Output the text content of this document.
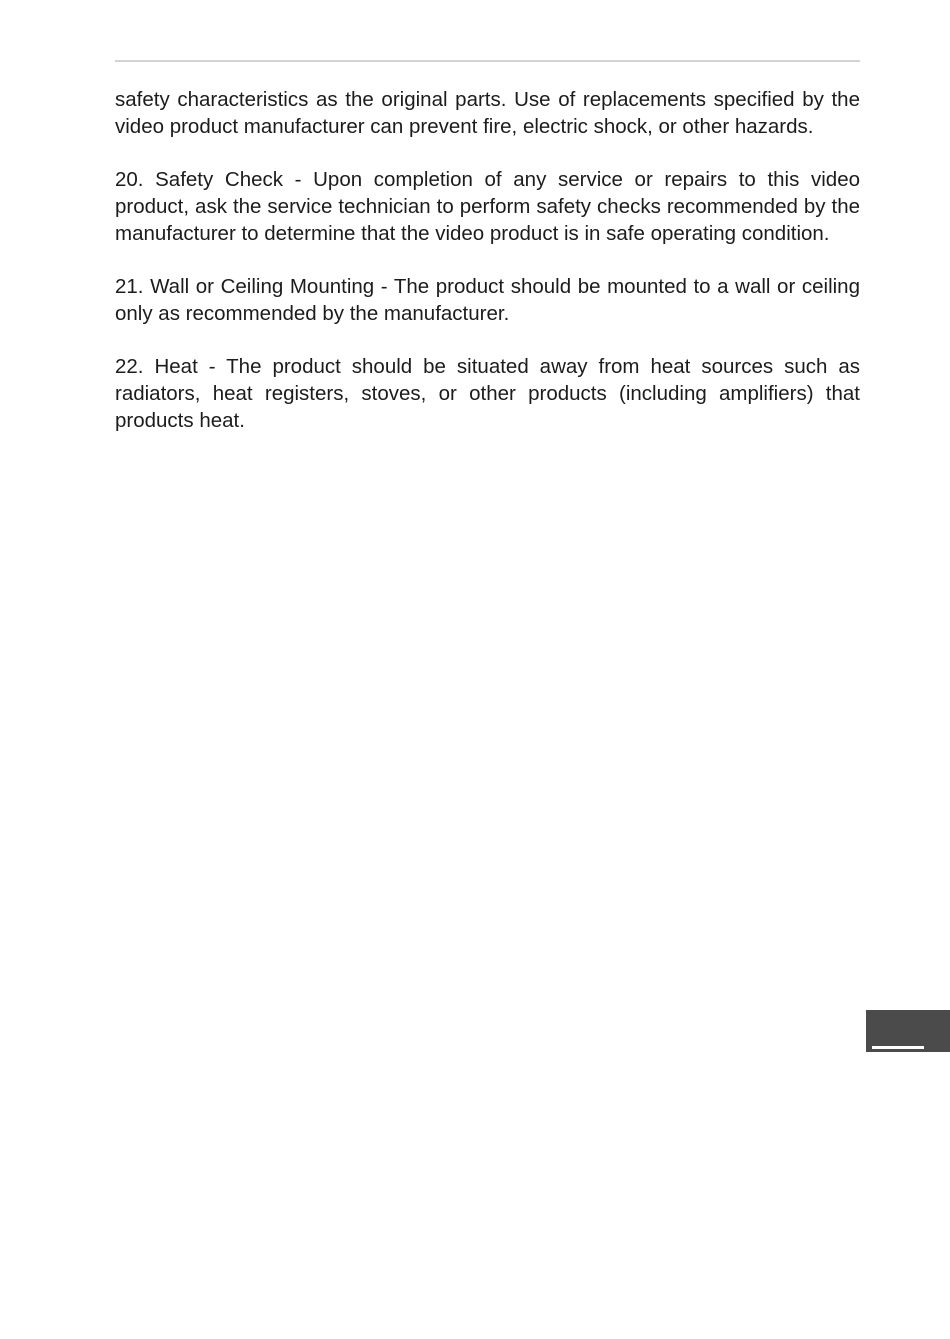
safety characteristics as the original parts. Use of replacements specified by the video product manufacturer can prevent fire, electric shock, or other hazards.

20. Safety Check - Upon completion of any service or repairs to this video product, ask the service technician to perform safety checks recommended by the manufacturer to determine that the video product is in safe operating condition.

21. Wall or Ceiling Mounting - The product should be mounted to a wall or ceiling only as recommended by the manufacturer.

22. Heat - The product should be situated away from heat sources such as radiators, heat registers, stoves, or other products (including amplifiers) that products heat.
